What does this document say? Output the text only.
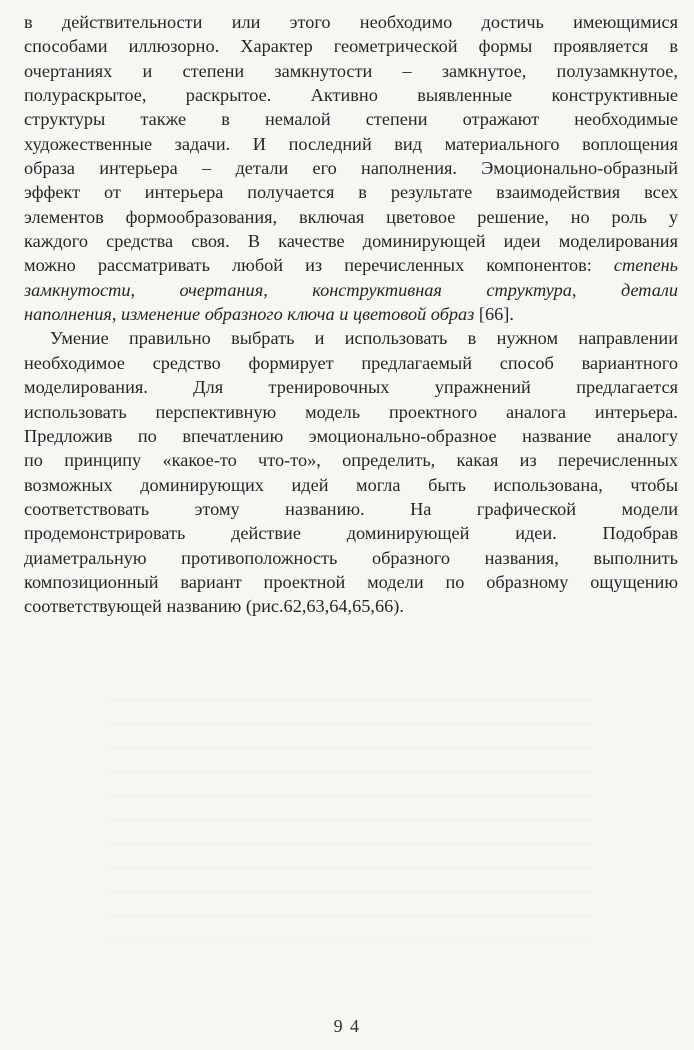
в действительности или этого необходимо достичь имеющимися
способами иллюзорно. Характер геометрической формы проявляется в
очертаниях и степени замкнутости – замкнутое, полузамкнутое,
полураскрытое, раскрытое. Активно выявленные конструктивные
структуры также в немалой степени отражают необходимые
художественные задачи. И последний вид материального воплощения
образа интерьера – детали его наполнения. Эмоционально-образный
эффект от интерьера получается в результате взаимодействия всех
элементов формообразования, включая цветовое решение, но роль у
каждого средства своя. В качестве доминирующей идеи моделирования
можно рассматривать любой из перечисленных компонентов: степень
замкнутости, очертания, конструктивная структура, детали
наполнения, изменение образного ключа и цветовой образ [66].
Умение правильно выбрать и использовать в нужном направлении
необходимое средство формирует предлагаемый способ вариантного
моделирования. Для тренировочных упражнений предлагается
использовать перспективную модель проектного аналога интерьера.
Предложив по впечатлению эмоционально-образное название аналогу
по принципу «какое-то что-то», определить, какая из перечисленных
возможных доминирующих идей могла быть использована, чтобы
соответствовать этому названию. На графической модели
продемонстрировать действие доминирующей идеи. Подобрав
диаметральную противоположность образного названия, выполнить
композиционный вариант проектной модели по образному ощущению
соответствующей названию (рис.62,63,64,65,66).
9 4
